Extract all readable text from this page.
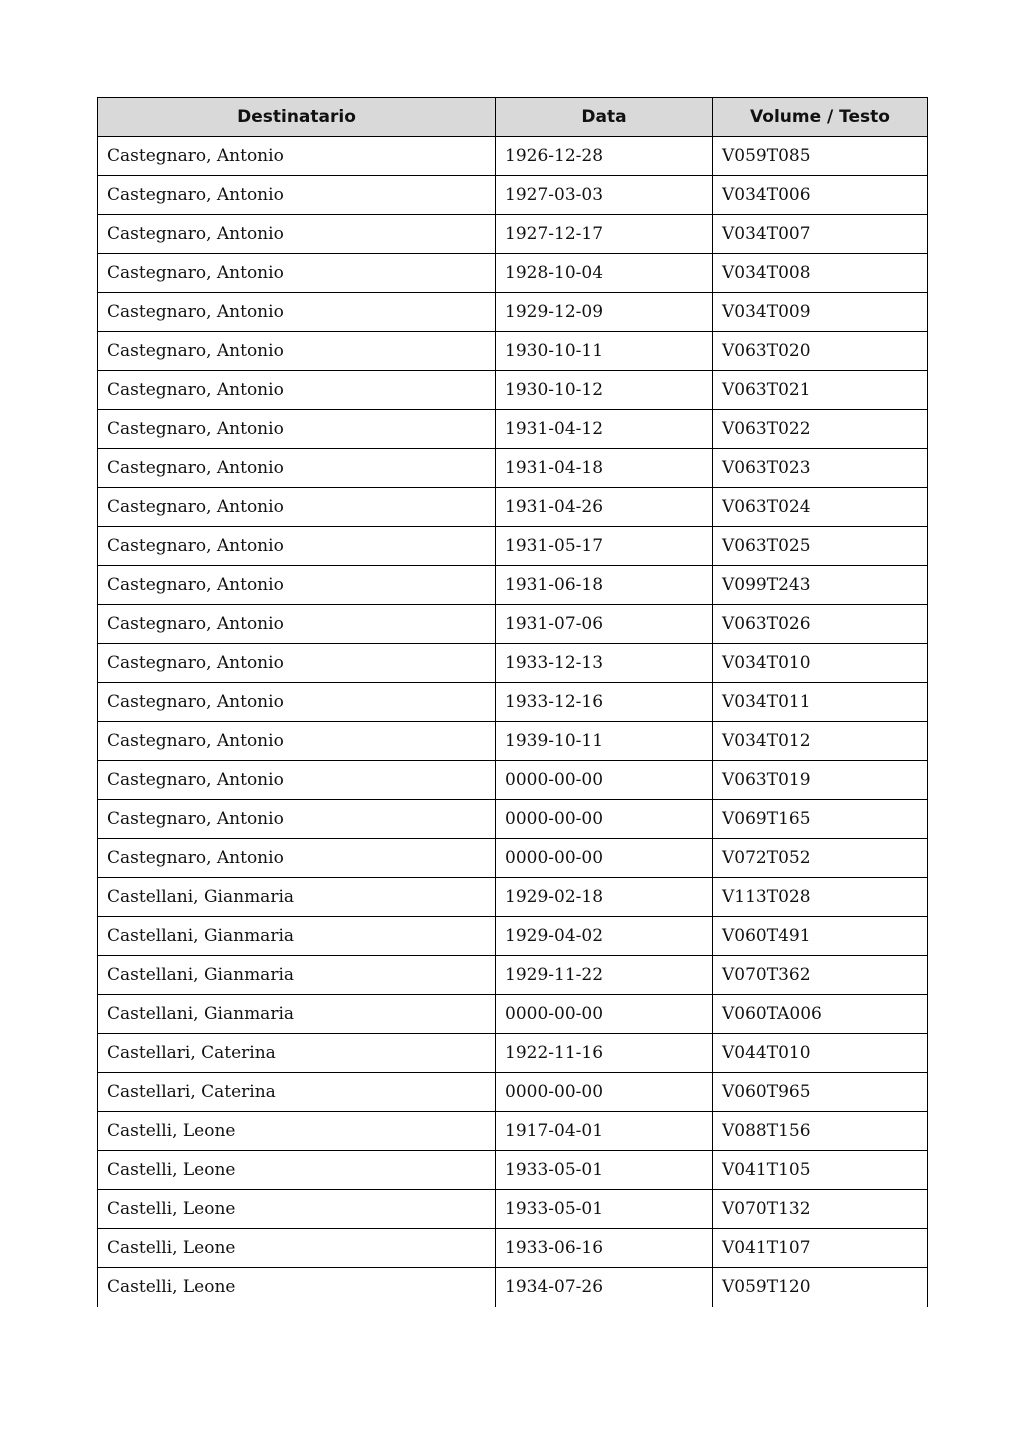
Destinatario	Data	Volume / Testo
Castegnaro, Antonio	1926-12-28	V059T085
Castegnaro, Antonio	1927-03-03	V034T006
Castegnaro, Antonio	1927-12-17	V034T007
Castegnaro, Antonio	1928-10-04	V034T008
Castegnaro, Antonio	1929-12-09	V034T009
Castegnaro, Antonio	1930-10-11	V063T020
Castegnaro, Antonio	1930-10-12	V063T021
Castegnaro, Antonio	1931-04-12	V063T022
Castegnaro, Antonio	1931-04-18	V063T023
Castegnaro, Antonio	1931-04-26	V063T024
Castegnaro, Antonio	1931-05-17	V063T025
Castegnaro, Antonio	1931-06-18	V099T243
Castegnaro, Antonio	1931-07-06	V063T026
Castegnaro, Antonio	1933-12-13	V034T010
Castegnaro, Antonio	1933-12-16	V034T011
Castegnaro, Antonio	1939-10-11	V034T012
Castegnaro, Antonio	0000-00-00	V063T019
Castegnaro, Antonio	0000-00-00	V069T165
Castegnaro, Antonio	0000-00-00	V072T052
Castellani, Gianmaria	1929-02-18	V113T028
Castellani, Gianmaria	1929-04-02	V060T491
Castellani, Gianmaria	1929-11-22	V070T362
Castellani, Gianmaria	0000-00-00	V060TA006
Castellari, Caterina	1922-11-16	V044T010
Castellari, Caterina	0000-00-00	V060T965
Castelli, Leone	1917-04-01	V088T156
Castelli, Leone	1933-05-01	V041T105
Castelli, Leone	1933-05-01	V070T132
Castelli, Leone	1933-06-16	V041T107
Castelli, Leone	1934-07-26	V059T120
